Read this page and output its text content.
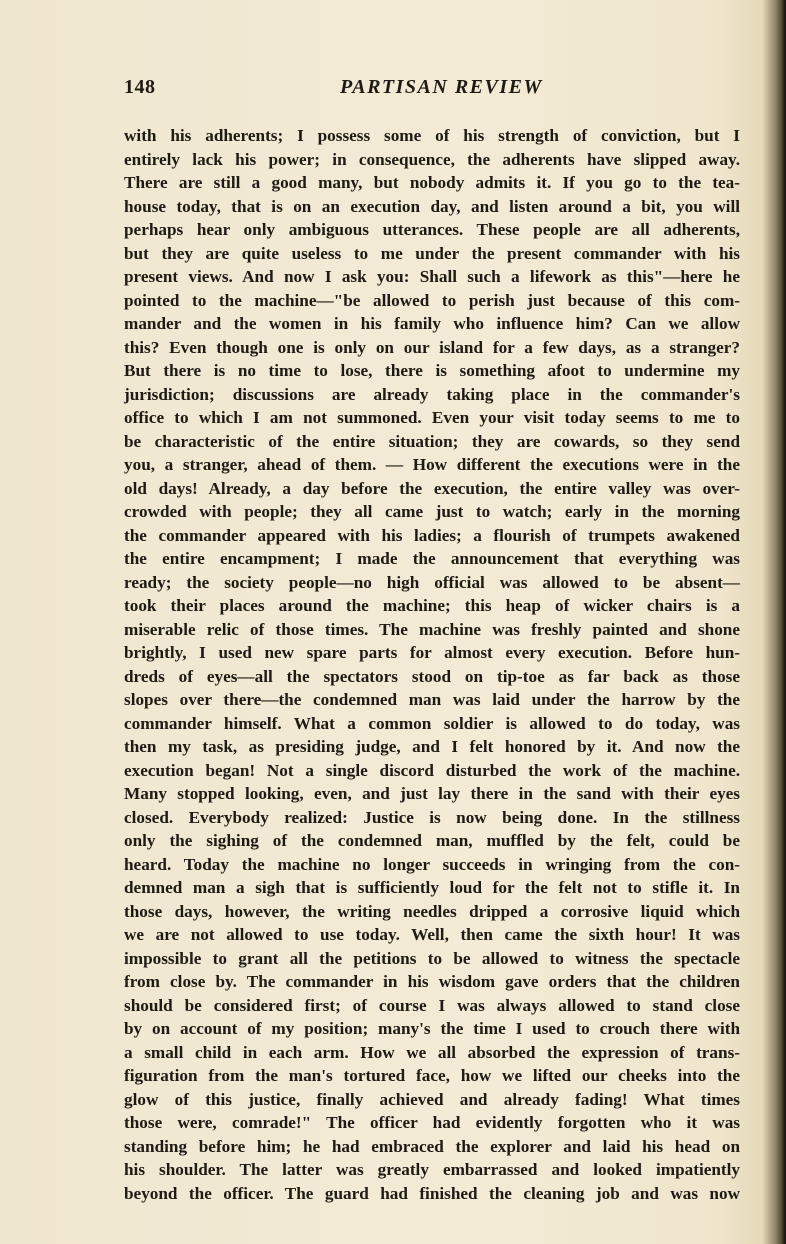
148	PARTISAN REVIEW
with his adherents; I possess some of his strength of conviction, but I
entirely lack his power; in consequence, the adherents have slipped away.
There are still a good many, but nobody admits it. If you go to the tea-
house today, that is on an execution day, and listen around a bit, you will
perhaps hear only ambiguous utterances. These people are all adherents,
but they are quite useless to me under the present commander with his
present views. And now I ask you: Shall such a lifework as this"—here he
pointed to the machine—"be allowed to perish just because of this com-
mander and the women in his family who influence him? Can we allow
this? Even though one is only on our island for a few days, as a stranger?
But there is no time to lose, there is something afoot to undermine my
jurisdiction; discussions are already taking place in the commander's
office to which I am not summoned. Even your visit today seems to me to
be characteristic of the entire situation; they are cowards, so they send
you, a stranger, ahead of them. — How different the executions were in the
old days! Already, a day before the execution, the entire valley was over-
crowded with people; they all came just to watch; early in the morning
the commander appeared with his ladies; a flourish of trumpets awakened
the entire encampment; I made the announcement that everything was
ready; the society people—no high official was allowed to be absent—
took their places around the machine; this heap of wicker chairs is a
miserable relic of those times. The machine was freshly painted and shone
brightly, I used new spare parts for almost every execution. Before hun-
dreds of eyes—all the spectators stood on tip-toe as far back as those
slopes over there—the condemned man was laid under the harrow by the
commander himself. What a common soldier is allowed to do today, was
then my task, as presiding judge, and I felt honored by it. And now the
execution began! Not a single discord disturbed the work of the machine.
Many stopped looking, even, and just lay there in the sand with their eyes
closed. Everybody realized: Justice is now being done. In the stillness
only the sighing of the condemned man, muffled by the felt, could be
heard. Today the machine no longer succeeds in wringing from the con-
demned man a sigh that is sufficiently loud for the felt not to stifle it. In
those days, however, the writing needles dripped a corrosive liquid which
we are not allowed to use today. Well, then came the sixth hour! It was
impossible to grant all the petitions to be allowed to witness the spectacle
from close by. The commander in his wisdom gave orders that the children
should be considered first; of course I was always allowed to stand close
by on account of my position; many's the time I used to crouch there with
a small child in each arm. How we all absorbed the expression of trans-
figuration from the man's tortured face, how we lifted our cheeks into the
glow of this justice, finally achieved and already fading! What times
those were, comrade!" The officer had evidently forgotten who it was
standing before him; he had embraced the explorer and laid his head on
his shoulder. The latter was greatly embarrassed and looked impatiently
beyond the officer. The guard had finished the cleaning job and was now
